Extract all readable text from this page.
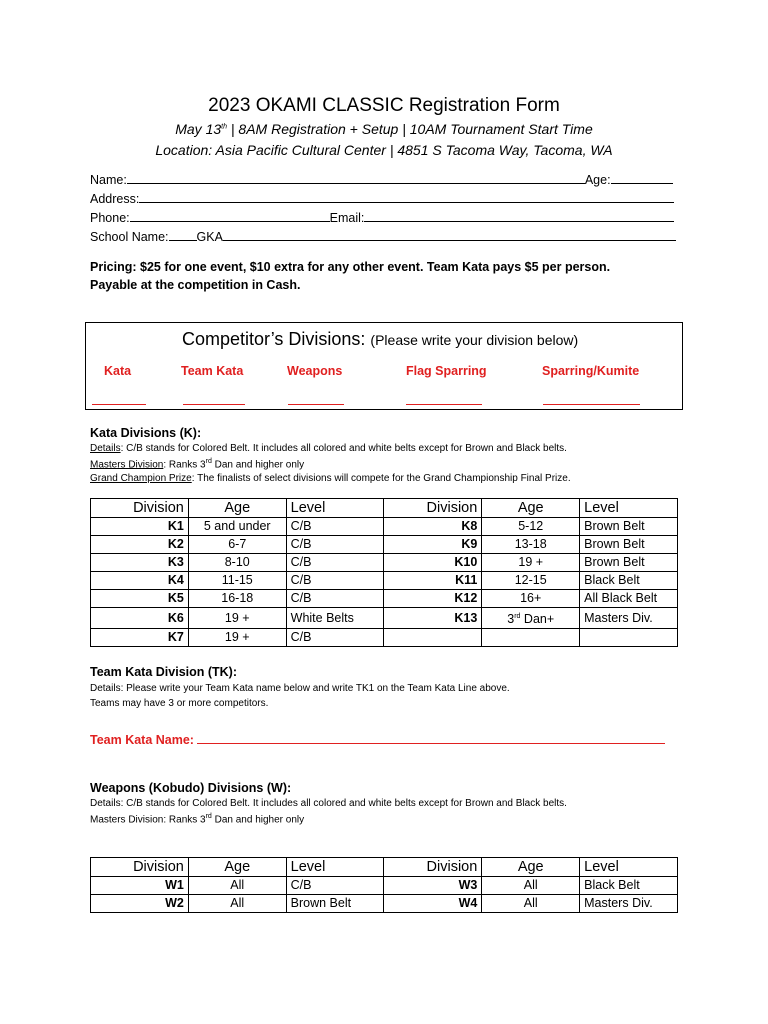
2023 OKAMI CLASSIC Registration Form
May 13th | 8AM Registration + Setup | 10AM Tournament Start Time
Location: Asia Pacific Cultural Center | 4851 S Tacoma Way, Tacoma, WA
Name:	Age:
Address:
Phone:	Email:
School Name: GKA
Pricing: $25 for one event, $10 extra for any other event. Team Kata pays $5 per person.
Payable at the competition in Cash.
Competitor’s Divisions: (Please write your division below)
Kata	Team Kata	Weapons	Flag Sparring	Sparring/Kumite
Kata Divisions (K):
Details: C/B stands for Colored Belt. It includes all colored and white belts except for Brown and Black belts.
Masters Division: Ranks 3rd Dan and higher only
Grand Champion Prize: The finalists of select divisions will compete for the Grand Championship Final Prize.
Division	Age	Level	Division	Age	Level
K1	5 and under	C/B	K8	5-12	Brown Belt
K2	6-7	C/B	K9	13-18	Brown Belt
K3	8-10	C/B	K10	19 +	Brown Belt
K4	11-15	C/B	K11	12-15	Black Belt
K5	16-18	C/B	K12	16+	All Black Belt
K6	19 +	White Belts	K13	3rd Dan+	Masters Div.
K7	19 +	C/B			
Team Kata Division (TK):
Details: Please write your Team Kata name below and write TK1 on the Team Kata Line above.
Teams may have 3 or more competitors.
Team Kata Name:
Weapons (Kobudo) Divisions (W):
Details: C/B stands for Colored Belt. It includes all colored and white belts except for Brown and Black belts.
Masters Division: Ranks 3rd Dan and higher only
Division	Age	Level	Division	Age	Level
W1	All	C/B	W3	All	Black Belt
W2	All	Brown Belt	W4	All	Masters Div.
